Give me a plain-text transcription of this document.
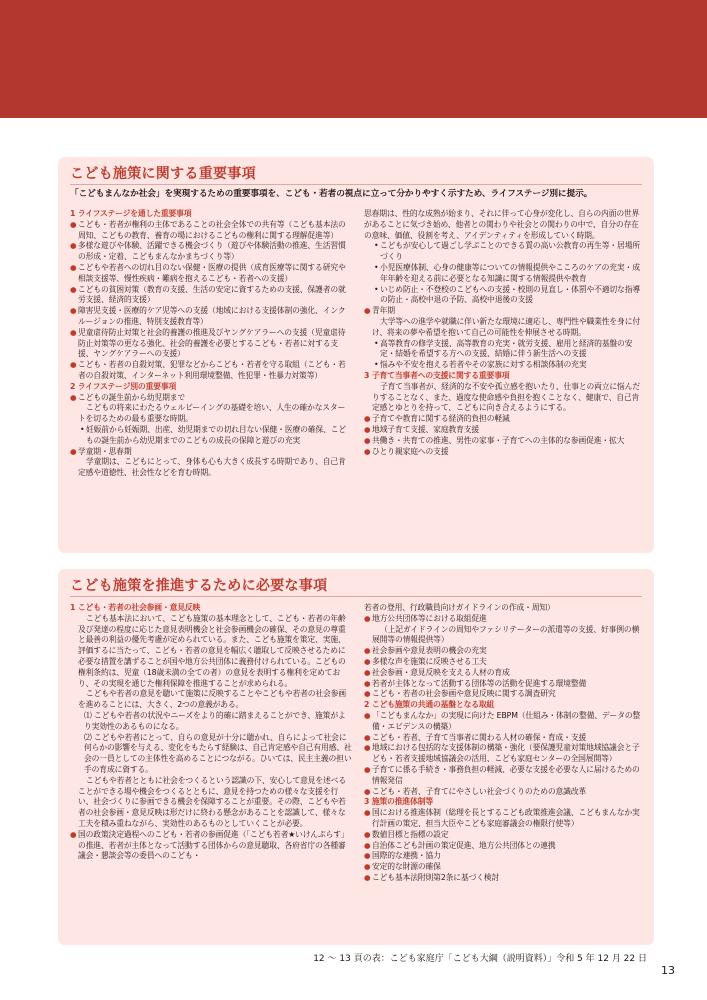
こども施策に関する重要事項

「こどもまんなか社会」を実現するための重要事項を、こども・若者の視点に立って分かりやすく示すため、ライフステージ別に提示。

1 ライフステージを通した重要事項
● こども・若者が権利の主体であることの社会全体での共有等（こども基本法の周知、こどもの教育、養育の場におけるこどもの権利に関する理解促進等）
● 多様な遊びや体験、活躍できる機会づくり（遊びや体験活動の推進、生活習慣の形成・定着、こどもまんなかまちづくり等）
● こどもや若者への切れ目のない保健・医療の提供（成育医療等に関する研究や相談支援等、慢性疾病・難病を抱えるこども・若者への支援）
● こどもの貧困対策（教育の支援、生活の安定に資するための支援、保護者の就労支援、経済的支援）
● 障害児支援・医療的ケア児等への支援（地域における支援体制の強化、インクルージョンの推進、特別支援教育等）
● 児童虐待防止対策と社会的養護の推進及びヤングケアラーへの支援（児童虐待防止対策等の更なる強化、社会的養護を必要とするこども・若者に対する支援、ヤングケアラーへの支援）
● こども・若者の自殺対策、犯罪などからこども・若者を守る取組（こども・若者の自殺対策、インターネット利用環境整備、性犯罪・性暴力対策等）
2 ライフステージ別の重要事項
● こどもの誕生前から幼児期まで

こどもの将来にわたるウェルビーイングの基礎を培い、人生の確かなスタートを切るための最も重要な時期。

• 妊娠前から妊娠期、出産、幼児期までの切れ目ない保健・医療の確保、こどもの誕生前から幼児期までのこどもの成長の保障と遊びの充実
● 学童期・思春期

学童期は、こどもにとって、身体も心も大きく成長する時期であり、自己肯定感や道徳性、社会性などを育む時期。

思春期は、性的な成熟が始まり、それに伴って心身が変化し、自らの内面の世界があることに気づき始め、他者との関わりや社会との関わりの中で、自分の存在の意味、価値、役割を考え、アイデンティティを形成していく時期。

• こどもが安心して過ごし学ぶことのできる質の高い公教育の再生等・居場所づくり
• 小児医療体制、心身の健康等についての情報提供やこころのケアの充実・成年年齢を迎える前に必要となる知識に関する情報提供や教育
• いじめ防止・不登校のこどもへの支援・校則の見直し・体罰や不適切な指導の防止・高校中退の予防、高校中退後の支援
● 青年期

大学等への進学や就職に伴い新たな環境に適応し、専門性や職業性を身に付け、将来の夢や希望を抱いて自己の可能性を伸展させる時期。

• 高等教育の修学支援、高等教育の充実・就労支援、雇用と経済的基盤の安定・結婚を希望する方への支援、結婚に伴う新生活への支援
• 悩みや不安を抱える若者やその家族に対する相談体制の充実
3 子育て当事者への支援に関する重要事項

子育て当事者が、経済的な不安や孤立感を抱いたり、仕事との両立に悩んだりすることなく、また、過度な使命感や負担を抱くことなく、健康で、自己肯定感とゆとりを持って、こどもに向き合えるようにする。

● 子育てや教育に関する経済的負担の軽減
● 地域子育て支援、家庭教育支援
● 共働き・共育ての推進、男性の家事・子育てへの主体的な参画促進・拡大
● ひとり親家庭への支援
こども施策を推進するために必要な事項
1 こども・若者の社会参画・意見反映

こども基本法において、こども施策の基本理念として、こども・若者の年齢及び発達の程度に応じた意見表明機会と社会参画機会の確保、その意見の尊重と最善の利益の優先考慮が定められている。また、こども施策を策定、実施、評価するに当たって、こども・若者の意見を幅広く聴取して反映させるために必要な措置を講ずることが国や地方公共団体に義務付けられている。こどもの権利条約は、児童（18歳未満の全ての者）の意見を表明する権利を定めており、その実現を通じた権利保障を推進することが求められる。

こどもや若者の意見を聴いて施策に反映することやこどもや若者の社会参画を進めることには、大きく、2つの意義がある。

⑴ こどもや若者の状況やニーズをより的確に踏まえることができ、施策がより実効性のあるものになる。

⑵ こどもや若者にとって、自らの意見が十分に聴かれ、自らによって社会に何らかの影響を与える、変化をもたらす経験は、自己肯定感や自己有用感、社会の一員としての主体性を高めることにつながる。ひいては、民主主義の担い手の育成に資する。

こどもや若者とともに社会をつくるという認識の下、安心して意見を述べることができる場や機会をつくるとともに、意見を持つための様々な支援を行い、社会づくりに参画できる機会を保障することが重要。その際、こどもや若者の社会参画・意見反映は形だけに終わる懸念があることを認識して、様々な工夫を積み重ねながら、実効性のあるものとしていくことが必要。

● 国の政策決定過程へのこども・若者の参画促進（「こども若者★いけんぷらす」の推進、若者が主体となって活動する団体からの意見聴取、各府省庁の各種審議会・懇談会等の委員へのこども・

若者の登用、行政職員向けガイドラインの作成・周知）

● 地方公共団体等における取組促進

（上記ガイドラインの周知やファシリテーターの派遣等の支援、好事例の横展開等の情報提供等）

● 社会参画や意見表明の機会の充実
● 多様な声を施策に反映させる工夫
● 社会参画・意見反映を支える人材の育成
● 若者が主体となって活動する団体等の活動を促進する環境整備
● こども・若者の社会参画や意見反映に関する調査研究
2 こども施策の共通の基盤となる取組
● 「こどもまんなか」の実現に向けた EBPM（仕組み・体制の整備、データの整備・エビデンスの構築）
● こども・若者、子育て当事者に関わる人材の確保・育成・支援
● 地域における包括的な支援体制の構築・強化（要保護児童対策地域協議会と子ども・若者支援地域協議会の活用、こども家庭センターの全国展開等）
● 子育てに係る手続き・事務負担の軽減、必要な支援を必要な人に届けるための情報発信
● こども・若者、子育てにやさしい社会づくりのための意識改革
3 施策の推進体制等
● 国における推進体制（総理を長とするこども政策推進会議、こどもまんなか実行計画の策定、担当大臣やこども家庭審議会の権限行使等）
● 数値目標と指標の設定
● 自治体こども計画の策定促進、地方公共団体との連携
● 国際的な連携・協力
● 安定的な財源の確保
● こども基本法附則第2条に基づく検討
12 ～ 13 頁の表：こども家庭庁「こども大綱（説明資料）」令和 5 年 12 月 22 日
13
